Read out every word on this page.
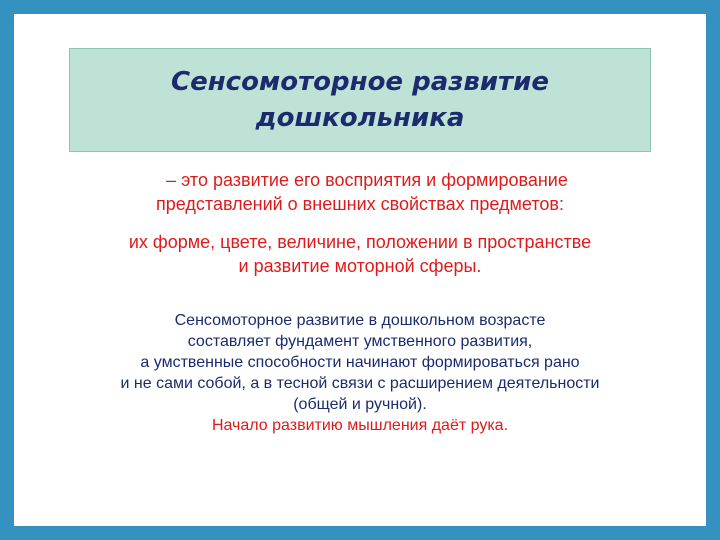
Сенсомоторное развитие
дошкольника
– это развитие его восприятия и формирование
представлений о внешних свойствах предметов:
их форме, цвете, величине, положении в пространстве
и развитие моторной сферы.
Сенсомоторное развитие в дошкольном возрасте
составляет фундамент умственного развития,
а умственные способности начинают формироваться рано
и не сами собой, а в тесной связи с расширением деятельности
(общей и ручной).
Начало развитию мышления даёт рука.
